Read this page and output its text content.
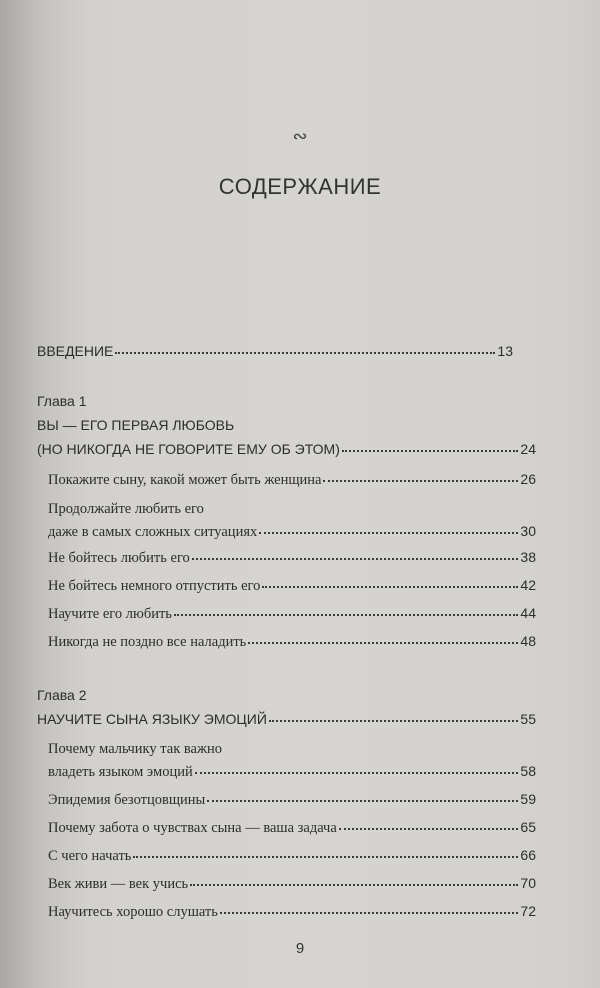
∾
СОДЕРЖАНИЕ
ВВЕДЕНИЕ	13
Глава 1
ВЫ — ЕГО ПЕРВАЯ ЛЮБОВЬ
(НО НИКОГДА НЕ ГОВОРИТЕ ЕМУ ОБ ЭТОМ)	24
Покажите сыну, какой может быть женщина	26
Продолжайте любить его
даже в самых сложных ситуациях	30
Не бойтесь любить его	38
Не бойтесь немного отпустить его	42
Научите его любить	44
Никогда не поздно все наладить	48
Глава 2
НАУЧИТЕ СЫНА ЯЗЫКУ ЭМОЦИЙ	55
Почему мальчику так важно
владеть языком эмоций	58
Эпидемия безотцовщины	59
Почему забота о чувствах сына — ваша задача	65
С чего начать	66
Век живи — век учись	70
Научитесь хорошо слушать	72
9
